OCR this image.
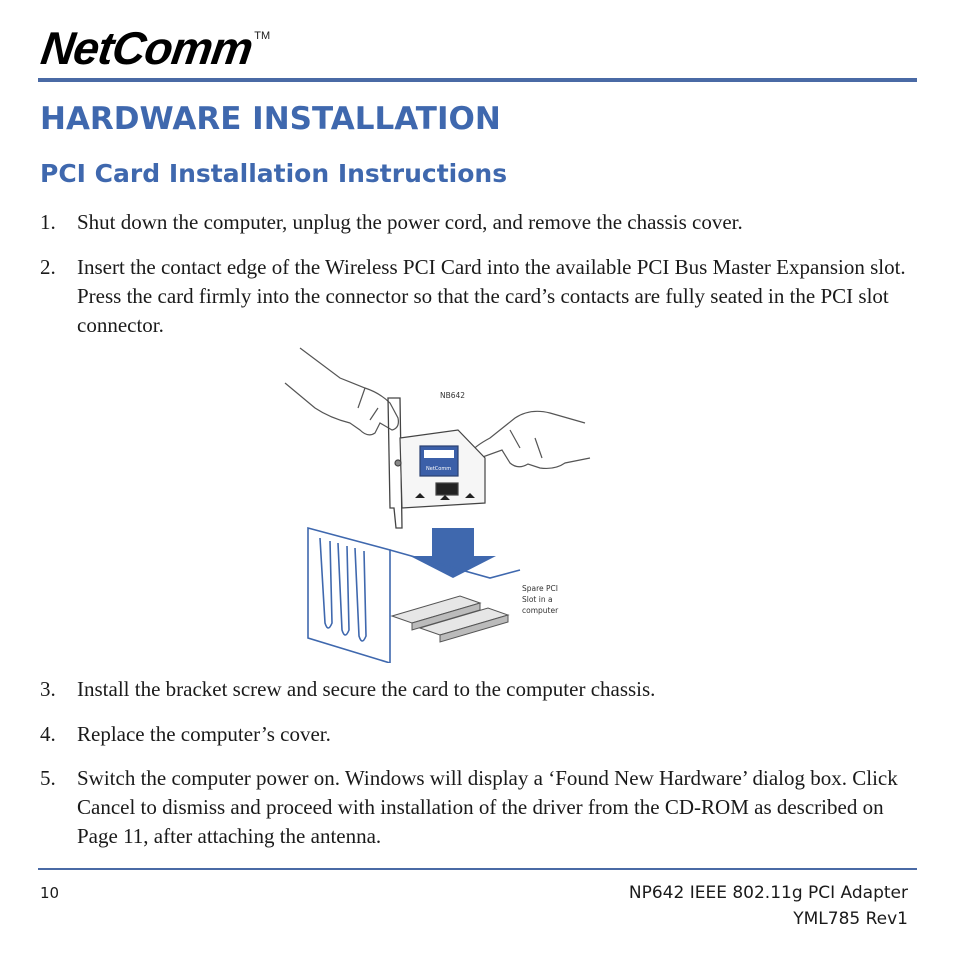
NetComm
TM
HARDWARE INSTALLATION
PCI Card Installation Instructions
1.	Shut down the computer, unplug the power cord, and remove the chassis cover.
2.	Insert the contact edge of the Wireless PCI Card into the available PCI Bus Master Expansion slot. Press the card firmly into the connector so that the card’s contacts are fully seated in the PCI slot connector.
NB642
NetComm
Spare PCI
Slot in a
computer
3.	Install the bracket screw and secure the card to the computer chassis.
4.	Replace the computer’s cover.
5.	Switch the computer power on. Windows will display a ‘Found New Hardware’ dialog box. Click Cancel to dismiss and proceed with installation of the driver from the CD-ROM as described on Page 11, after attaching the antenna.
10	NP642 IEEE 802.11g PCI Adapter
YML785 Rev1
